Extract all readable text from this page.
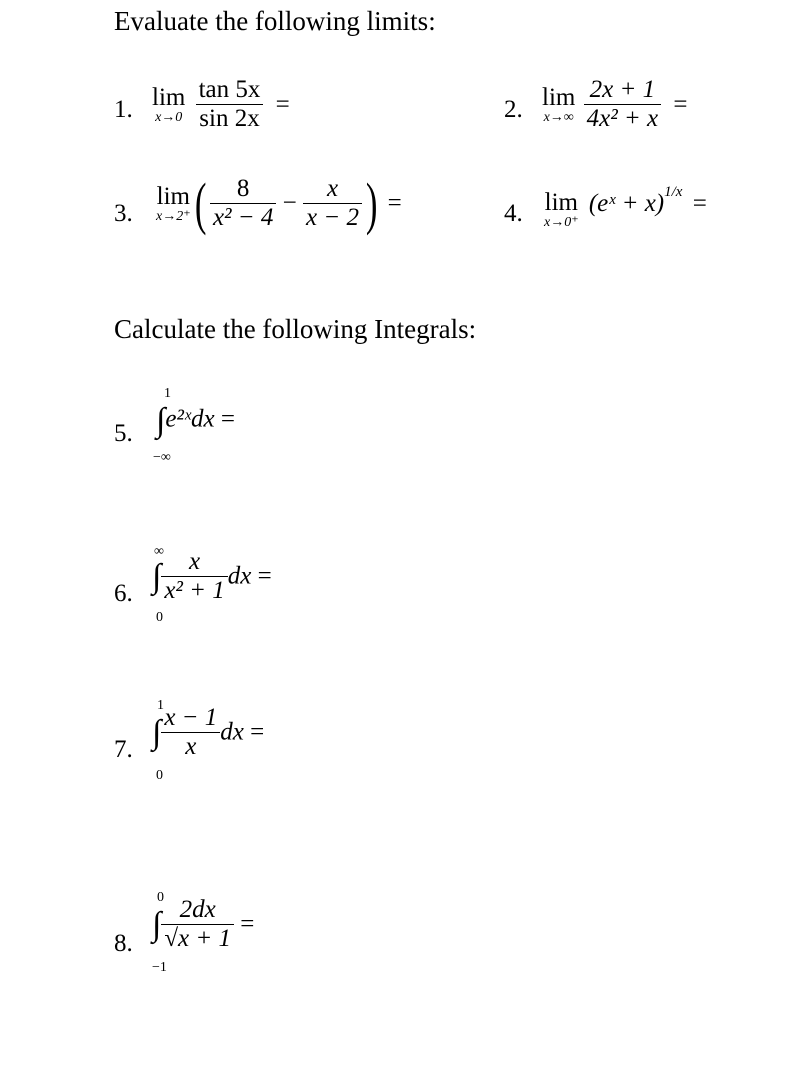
Evaluate the following limits:
1. lim
x→0
$\frac{\tan 5x}{\sin 2x}$ =	2. lim
x→∞
$\frac{2x + 1}{\text{4x² + x}}$ =
3.
lim
x→2⁺ ( $\frac{8}{\text{x² − 4}} - \frac{x}{x - 2}$ ) =	4. lim
x→0⁺
(eˣ + x)$^{1/x}$ =
Calculate the following Integrals:
5.
1
∫e²ˣdx =
−∞
6.
∞
∫ $\frac{x}{\text{x² + 1}}$ dx =
0
7.
1
∫ $\frac{x - 1}{x}$ dx =
0
8.
0
∫ $\frac{2dx}{√x + 1}$ =
−1
